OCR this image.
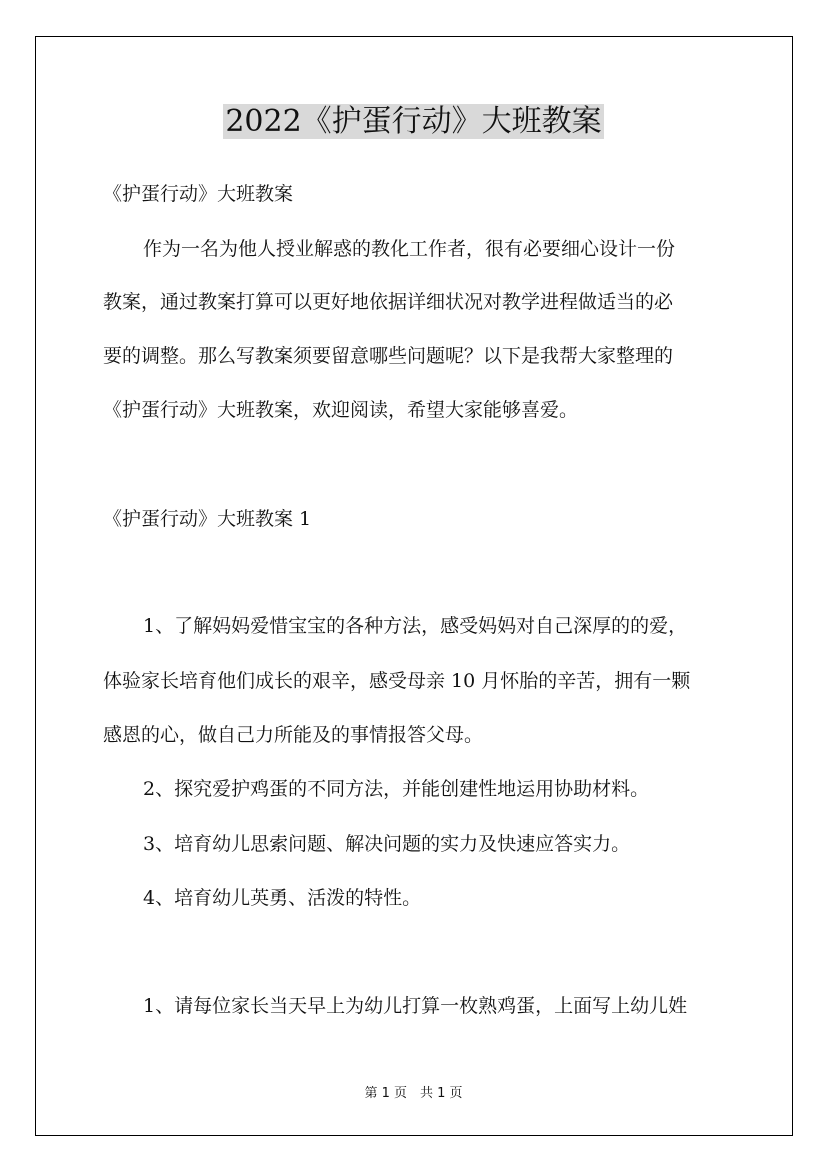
2022《护蛋行动》大班教案
《护蛋行动》大班教案
作为一名为他人授业解惑的教化工作者，很有必要细心设计一份
教案，通过教案打算可以更好地依据详细状况对教学进程做适当的必
要的调整。那么写教案须要留意哪些问题呢？以下是我帮大家整理的
《护蛋行动》大班教案，欢迎阅读，希望大家能够喜爱。
《护蛋行动》大班教案 1
1、了解妈妈爱惜宝宝的各种方法，感受妈妈对自己深厚的的爱，
体验家长培育他们成长的艰辛，感受母亲 10 月怀胎的辛苦，拥有一颗
感恩的心，做自己力所能及的事情报答父母。
2、探究爱护鸡蛋的不同方法，并能创建性地运用协助材料。
3、培育幼儿思索问题、解决问题的实力及快速应答实力。
4、培育幼儿英勇、活泼的特性。
1、请每位家长当天早上为幼儿打算一枚熟鸡蛋，上面写上幼儿姓
第 1 页　共 1 页
